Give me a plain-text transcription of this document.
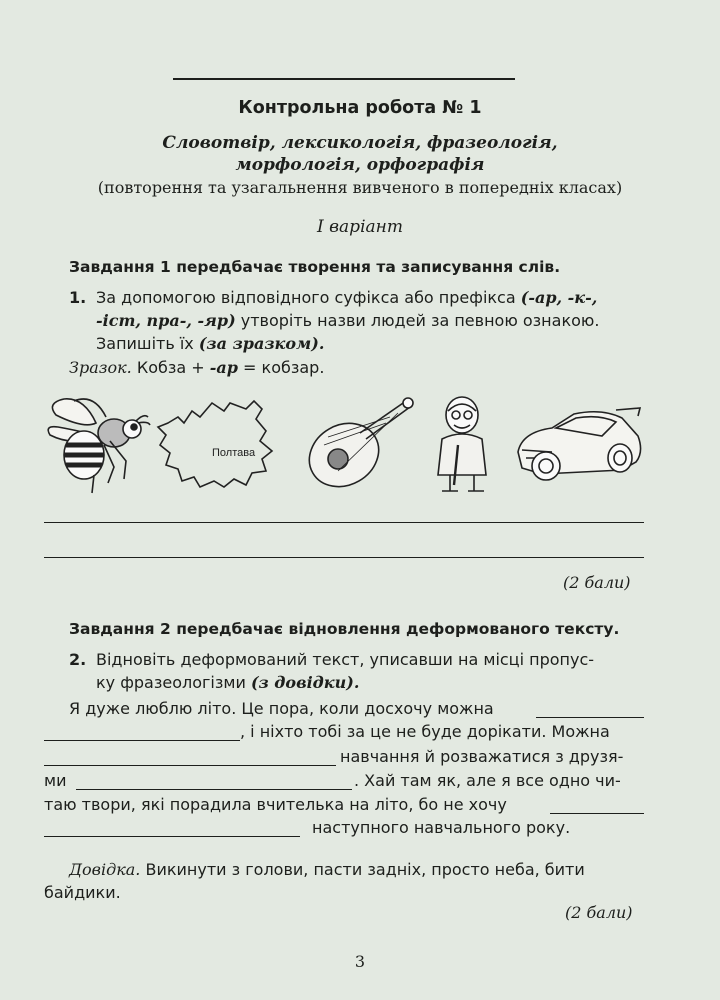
Контрольна робота № 1
Словотвір, лексикологія, фразеологія,
морфологія, орфографія
(повторення та узагальнення вивченого в попередніх класах)
І варіант
Завдання 1 передбачає творення та записування слів.
1. За допомогою відповідного суфікса або префікса (-ар, -к-,
-іст, пра-, -яр) утворіть назви людей за певною ознакою.
Запишіть їх (за зразком).
Зразок. Кобза + -ар = кобзар.
Полтава
(2 бали)
Завдання 2 передбачає відновлення деформованого тексту.
2. Відновіть деформований текст, уписавши на місці пропус-
ку фразеологізми (з довідки).
Я дуже люблю літо. Це пора, коли досхочу можна
, і ніхто тобі за це не буде дорікати. Можна
навчання й розважатися з друзя-
ми	. Хай там як, але я все одно чи-
таю твори, які порадила вчителька на літо, бо не хочу
наступного навчального року.
Довідка. Викинути з голови, пасти задніх, просто неба, бити
байдики.
(2 бали)
3
